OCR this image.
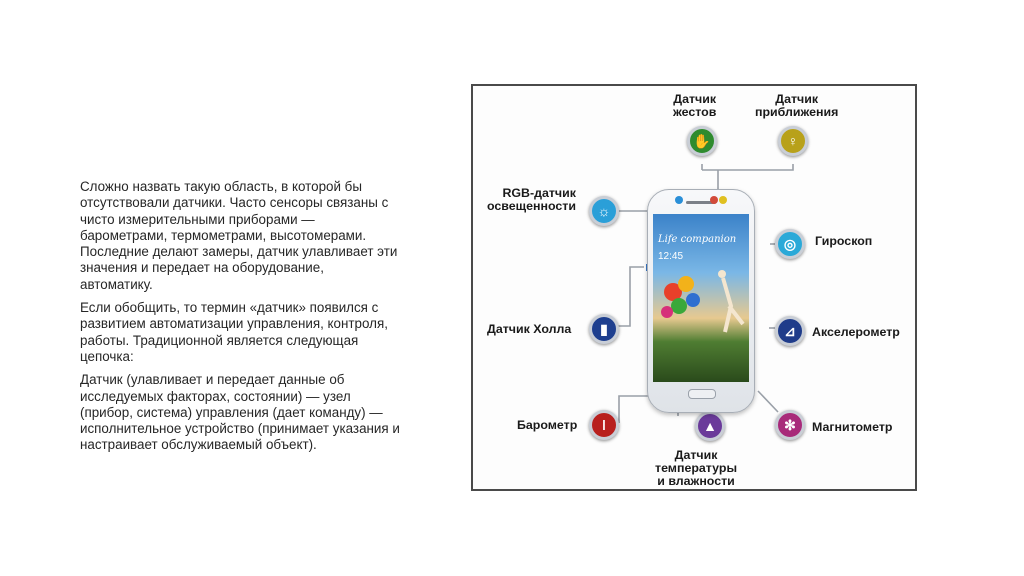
Сложно назвать такую область, в которой бы отсутствовали датчики. Часто сенсоры связаны с чисто измерительными приборами — барометрами, термометрами, высотомерами. Последние делают замеры, датчик улавливает эти значения и передает на оборудование, автоматику.

Если обобщить, то термин «датчик» появился с развитием автоматизации управления, контроля, работы. Традиционной является следующая цепочка:

Датчик (улавливает и передает данные об исследуемых факторах, состоянии) — узел (прибор, система) управления (дает команду) — исполнительное устройство (принимает указания и настраивает обслуживаемый объект).

Датчик
жестов
Датчик
приближения
RGB-датчик
освещенности
Гироскоп
Датчик Холла	Акселерометр
Барометр	Магнитометр
Датчик
температуры
и влажности
✋	♀
☼
◎
▮	⊿
ǀ	✻
▲
Life companion
12:45
